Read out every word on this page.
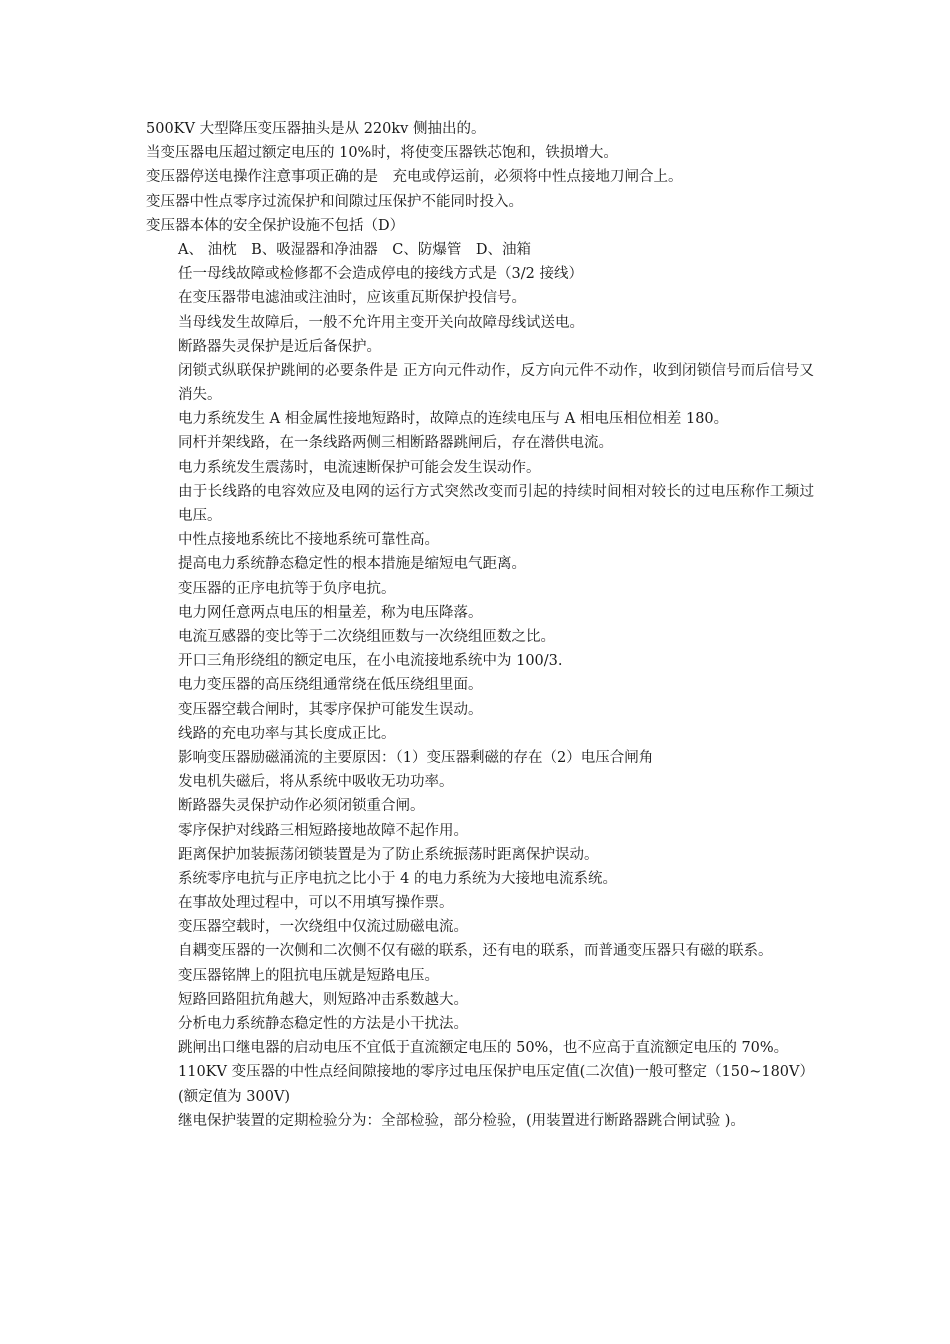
500KV 大型降压变压器抽头是从 220kv 侧抽出的。
当变压器电压超过额定电压的 10%时，将使变压器铁芯饱和，铁损增大。
变压器停送电操作注意事项正确的是　充电或停运前，必须将中性点接地刀闸合上。
变压器中性点零序过流保护和间隙过压保护不能同时投入。
变压器本体的安全保护设施不包括（D）
A、 油枕　B、吸湿器和净油器　C、防爆管　D、油箱
任一母线故障或检修都不会造成停电的接线方式是（3/2 接线）
在变压器带电滤油或注油时，应该重瓦斯保护投信号。
当母线发生故障后，一般不允许用主变开关向故障母线试送电。
断路器失灵保护是近后备保护。
闭锁式纵联保护跳闸的必要条件是 正方向元件动作，反方向元件不动作，收到闭锁信号而后信号又消失。
电力系统发生 A 相金属性接地短路时，故障点的连续电压与 A 相电压相位相差 180。
同杆并架线路，在一条线路两侧三相断路器跳闸后，存在潜供电流。
电力系统发生震荡时，电流速断保护可能会发生误动作。
由于长线路的电容效应及电网的运行方式突然改变而引起的持续时间相对较长的过电压称作工频过电压。
中性点接地系统比不接地系统可靠性高。
提高电力系统静态稳定性的根本措施是缩短电气距离。
变压器的正序电抗等于负序电抗。
电力网任意两点电压的相量差，称为电压降落。
电流互感器的变比等于二次绕组匝数与一次绕组匝数之比。
开口三角形绕组的额定电压，在小电流接地系统中为 100/3.
电力变压器的高压绕组通常绕在低压绕组里面。
变压器空载合闸时，其零序保护可能发生误动。
线路的充电功率与其长度成正比。
影响变压器励磁涌流的主要原因：（1）变压器剩磁的存在（2）电压合闸角
发电机失磁后，将从系统中吸收无功功率。
断路器失灵保护动作必须闭锁重合闸。
零序保护对线路三相短路接地故障不起作用。
距离保护加装振荡闭锁装置是为了防止系统振荡时距离保护误动。
系统零序电抗与正序电抗之比小于 4 的电力系统为大接地电流系统。
在事故处理过程中，可以不用填写操作票。
变压器空载时，一次绕组中仅流过励磁电流。
自耦变压器的一次侧和二次侧不仅有磁的联系，还有电的联系，而普通变压器只有磁的联系。
变压器铭牌上的阻抗电压就是短路电压。
短路回路阻抗角越大，则短路冲击系数越大。
分析电力系统静态稳定性的方法是小干扰法。
跳闸出口继电器的启动电压不宜低于直流额定电压的 50%，也不应高于直流额定电压的 70%。
110KV 变压器的中性点经间隙接地的零序过电压保护电压定值(二次值)一般可整定（150~180V）(额定值为 300V)
继电保护装置的定期检验分为：全部检验，部分检验，(用装置进行断路器跳合闸试验 )。
